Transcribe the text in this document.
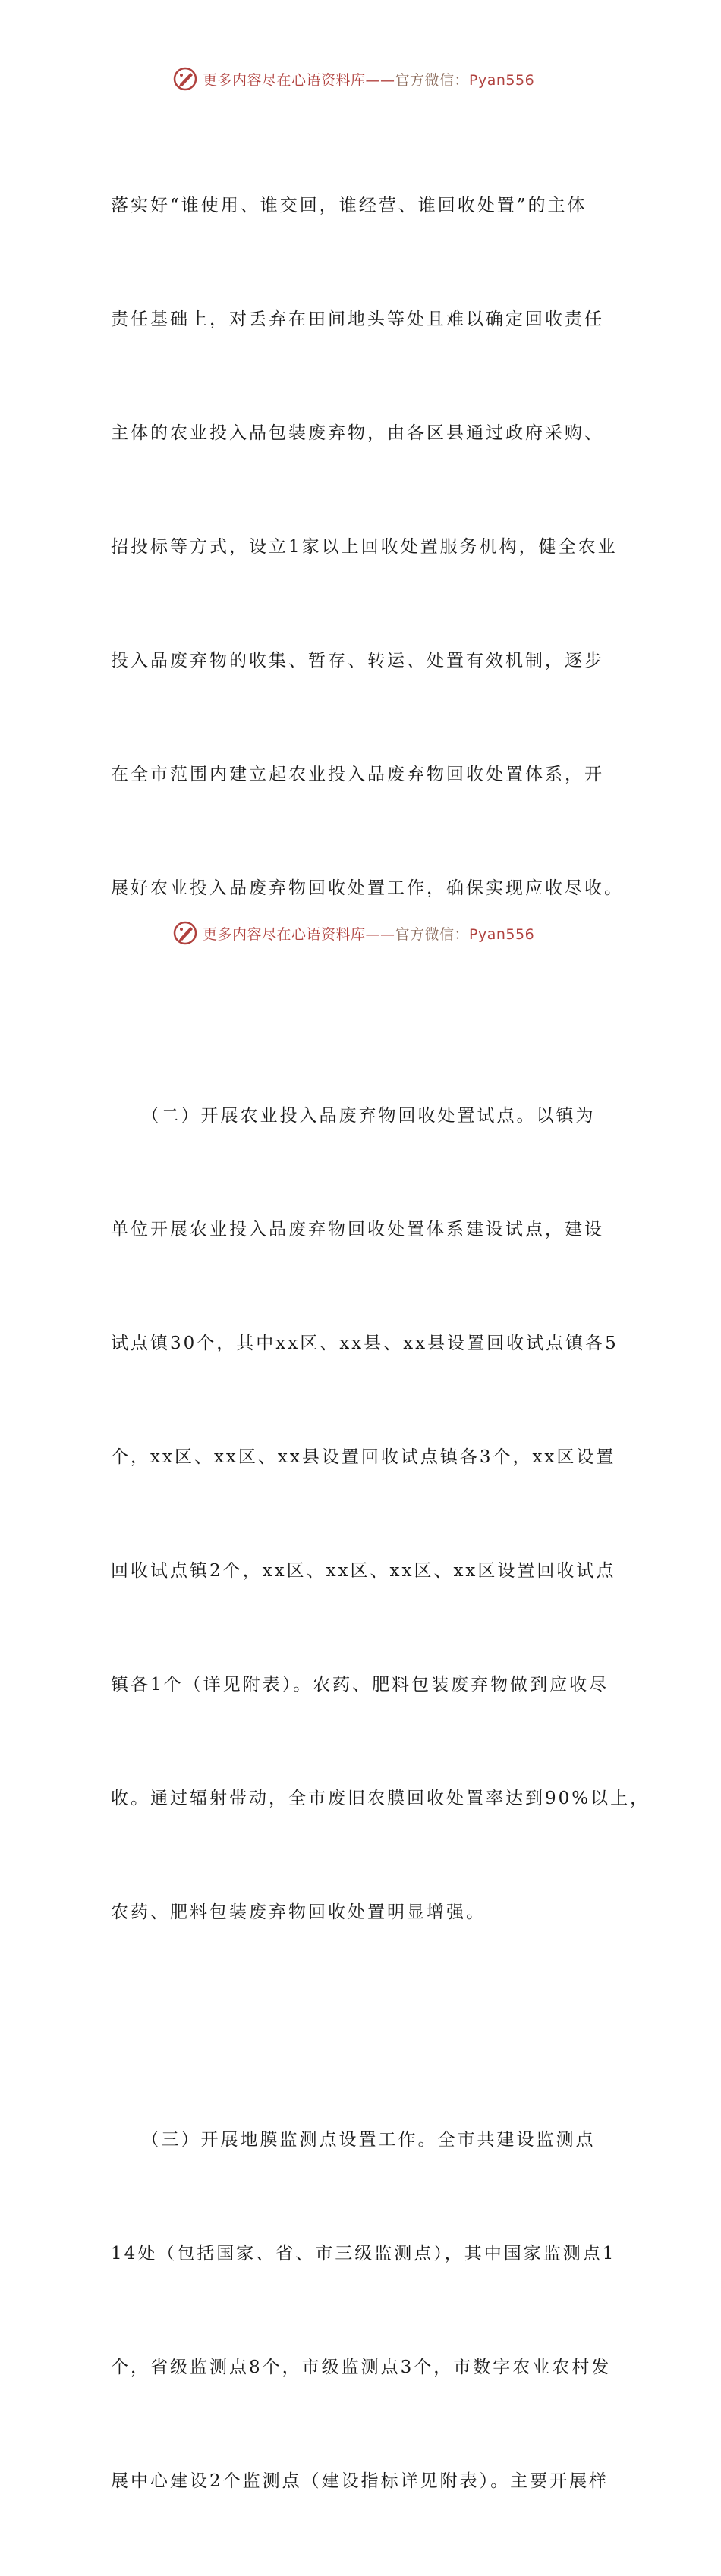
更多内容尽在心语资料库——官方微信：Pyan556

落实好“谁使用、谁交回，谁经营、谁回收处置”的主体

责任基础上，对丢弃在田间地头等处且难以确定回收责任

主体的农业投入品包装废弃物，由各区县通过政府采购、

招投标等方式，设立1家以上回收处置服务机构，健全农业

投入品废弃物的收集、暂存、转运、处置有效机制，逐步

在全市范围内建立起农业投入品废弃物回收处置体系，开

展好农业投入品废弃物回收处置工作，确保实现应收尽收。

　　（二）开展农业投入品废弃物回收处置试点。以镇为

单位开展农业投入品废弃物回收处置体系建设试点，建设

试点镇30个，其中xx区、xx县、xx县设置回收试点镇各5

个，xx区、xx区、xx县设置回收试点镇各3个，xx区设置

回收试点镇2个，xx区、xx区、xx区、xx区设置回收试点

镇各1个（详见附表）。农药、肥料包装废弃物做到应收尽

收。通过辐射带动，全市废旧农膜回收处置率达到90%以上，

农药、肥料包装废弃物回收处置明显增强。

　　（三）开展地膜监测点设置工作。全市共建设监测点

14处（包括国家、省、市三级监测点），其中国家监测点1

个，省级监测点8个，市级监测点3个，市数字农业农村发

展中心建设2个监测点（建设指标详见附表）。主要开展样

更多内容尽在心语资料库——官方微信：Pyan556
